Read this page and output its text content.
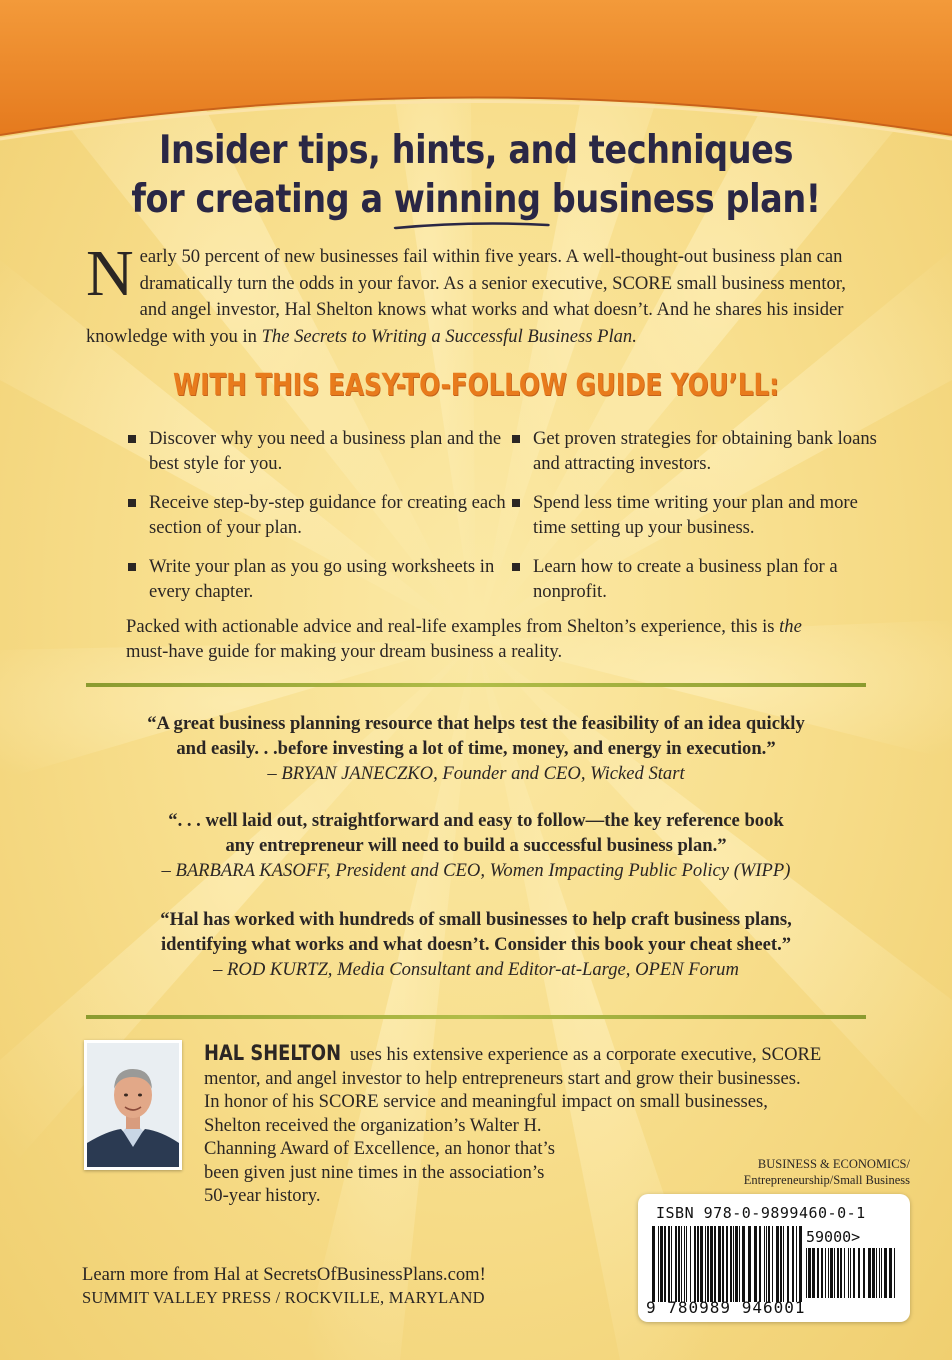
Insider tips, hints, and techniques
for creating a winning
business plan!
Nearly 50 percent of new businesses fail within five years. A well-thought-out business plan can dramatically turn the odds in your favor. As a senior executive, SCORE small business mentor, and angel investor, Hal Shelton knows what works and what doesn’t. And he shares his insider knowledge with you in The Secrets to Writing a Successful Business Plan.
WITH THIS EASY-TO-FOLLOW GUIDE YOU’LL:
Discover why you need a business plan and the best style for you.
Receive step-by-step guidance for creating each section of your plan.
Write your plan as you go using worksheets in every chapter.
Get proven strategies for obtaining bank loans and attracting investors.
Spend less time writing your plan and more time setting up your business.
Learn how to create a business plan for a nonprofit.
Packed with actionable advice and real-life examples from Shelton’s experience, this is the must-have guide for making your dream business a reality.
“A great business planning resource that helps test the feasibility of an idea quickly
and easily. . .before investing a lot of time, money, and energy in execution.”
– BRYAN JANECZKO, Founder and CEO, Wicked Start
“. . . well laid out, straightforward and easy to follow—the key reference book
any entrepreneur will need to build a successful business plan.”
– BARBARA KASOFF, President and CEO, Women Impacting Public Policy (WIPP)
“Hal has worked with hundreds of small businesses to help craft business plans,
identifying what works and what doesn’t. Consider this book your cheat sheet.”
– ROD KURTZ, Media Consultant and Editor-at-Large, OPEN Forum
HAL SHELTON uses his extensive experience as a corporate executive, SCORE
mentor, and angel investor to help entrepreneurs start and grow their businesses.
In honor of his SCORE service and meaningful impact on small businesses,
Shelton received the organization’s Walter H.
Channing Award of Excellence, an honor that’s
been given just nine times in the association’s
50-year history.
BUSINESS & ECONOMICS/
Entrepreneurship/Small Business
ISBN 978-0-9899460-0-1
59000>
9 780989 946001
Learn more from Hal at SecretsOfBusinessPlans.com!
SUMMIT VALLEY PRESS / ROCKVILLE, MARYLAND
